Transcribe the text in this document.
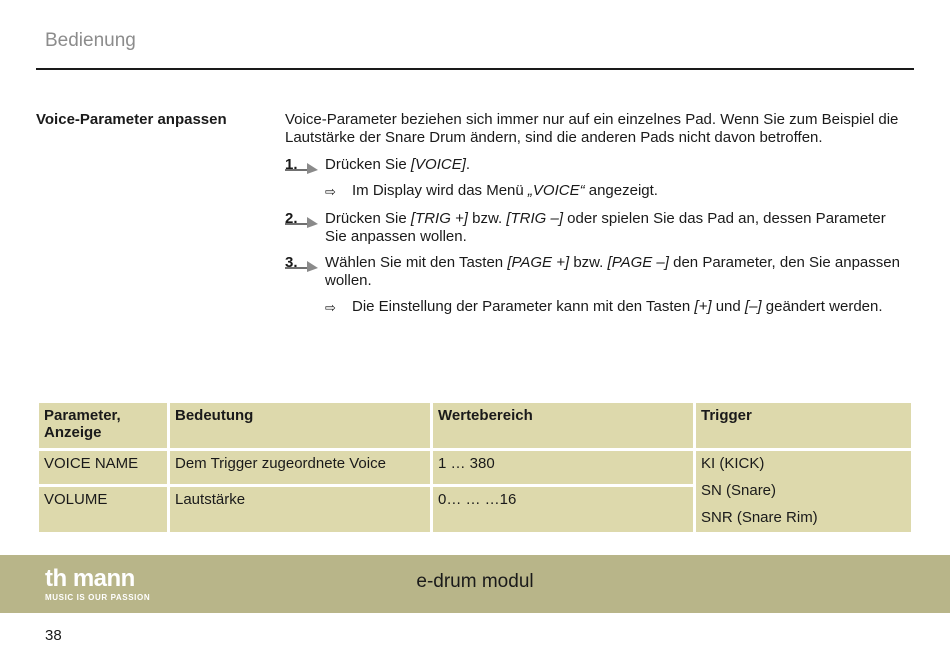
Bedienung
Voice-Parameter anpassen	Voice-Parameter beziehen sich immer nur auf ein einzelnes Pad. Wenn Sie zum Beispiel die Lautstärke der Snare Drum ändern, sind die anderen Pads nicht davon betroffen.

1.	Drücken Sie [VOICE].
⇨	Im Display wird das Menü „VOICE“ angezeigt.
2.	Drücken Sie [TRIG +] bzw. [TRIG –] oder spielen Sie das Pad an, dessen Parameter Sie anpassen wollen.
3.	Wählen Sie mit den Tasten [PAGE +] bzw. [PAGE –] den Parameter, den Sie anpassen wollen.
⇨	Die Einstellung der Parameter kann mit den Tasten [+] und [–] geändert werden.
Parameter, Anzeige	Bedeutung	Wertebereich	Trigger
VOICE NAME	Dem Trigger zugeordnete Voice	1 … 380	KI (KICK)
SN (Snare)
SNR (Snare Rim)

VOLUME	Lautstärke	0… … …16	
th mann
MUSIC IS OUR PASSION
e-drum modul
38
